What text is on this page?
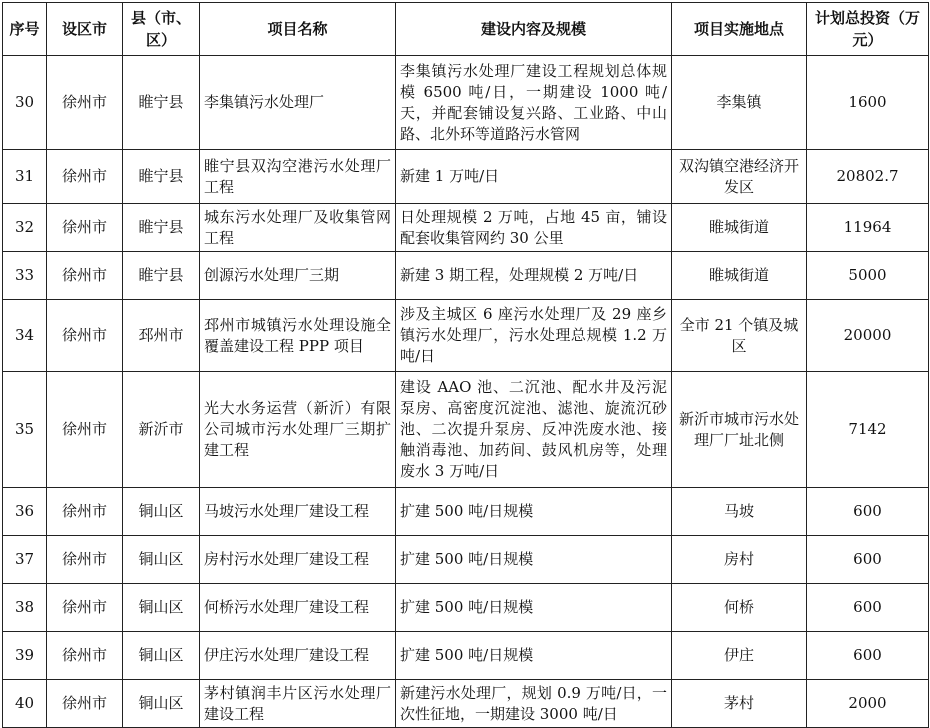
序号	设区市	县（市、区）	项目名称	建设内容及规模	项目实施地点	计划总投资（万元）
30	徐州市	睢宁县	李集镇污水处理厂	李集镇污水处理厂建设工程规划总体规模 6500 吨/日，一期建设 1000 吨/天，并配套铺设复兴路、工业路、中山路、北外环等道路污水管网	李集镇	1600
31	徐州市	睢宁县	睢宁县双沟空港污水处理厂工程	新建 1 万吨/日	双沟镇空港经济开发区	20802.7
32	徐州市	睢宁县	城东污水处理厂及收集管网工程	日处理规模 2 万吨，占地 45 亩，铺设配套收集管网约 30 公里	睢城街道	11964
33	徐州市	睢宁县	创源污水处理厂三期	新建 3 期工程，处理规模 2 万吨/日	睢城街道	5000
34	徐州市	邳州市	邳州市城镇污水处理设施全覆盖建设工程 PPP 项目	涉及主城区 6 座污水处理厂及 29 座乡镇污水处理厂，污水处理总规模 1.2 万吨/日	全市 21 个镇及城区	20000
35	徐州市	新沂市	光大水务运营（新沂）有限公司城市污水处理厂三期扩建工程	建设 AAO 池、二沉池、配水井及污泥泵房、高密度沉淀池、滤池、旋流沉砂池、二次提升泵房、反冲洗废水池、接触消毒池、加药间、鼓风机房等，处理废水 3 万吨/日	新沂市城市污水处理厂厂址北侧	7142
36	徐州市	铜山区	马坡污水处理厂建设工程	扩建 500 吨/日规模	马坡	600
37	徐州市	铜山区	房村污水处理厂建设工程	扩建 500 吨/日规模	房村	600
38	徐州市	铜山区	何桥污水处理厂建设工程	扩建 500 吨/日规模	何桥	600
39	徐州市	铜山区	伊庄污水处理厂建设工程	扩建 500 吨/日规模	伊庄	600
40	徐州市	铜山区	茅村镇润丰片区污水处理厂建设工程	新建污水处理厂，规划 0.9 万吨/日，一次性征地，一期建设 3000 吨/日	茅村	2000
